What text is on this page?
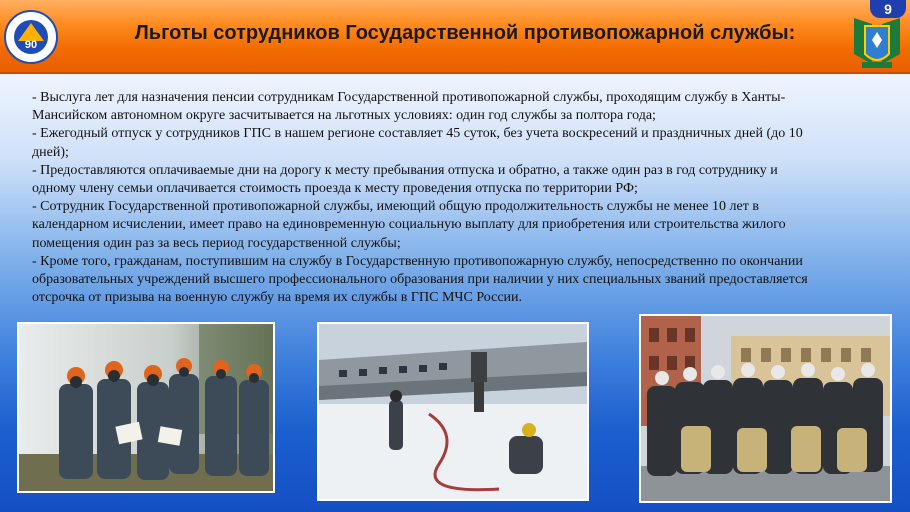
90
Льготы сотрудников Государственной противопожарной службы:
9

- Выслуга лет для назначения пенсии сотрудникам Государственной противопожарной службы, проходящим службу в Ханты-Мансийском автономном округе засчитывается на льготных условиях: один год службы за полтора года;

- Ежегодный отпуск у сотрудников ГПС в нашем регионе составляет 45 суток, без учета воскресений и праздничных дней (до 10 дней);

- Предоставляются оплачиваемые дни на дорогу к месту пребывания отпуска и обратно, а также один раз в год сотруднику и одному члену семьи оплачивается стоимость проезда к месту проведения отпуска по территории РФ;

- Сотрудник Государственной противопожарной службы, имеющий общую продолжительность службы не менее 10 лет в календарном исчислении, имеет право на единовременную социальную выплату для приобретения или строительства жилого помещения один раз за весь период государственной службы;

- Кроме того, гражданам, поступившим на службу в Государственную противопожарную службу, непосредственно по окончании образовательных учреждений высшего профессионального образования при наличии у них специальных званий предоставляется отсрочка от призыва на военную службу на время их службы в ГПС МЧС России.
